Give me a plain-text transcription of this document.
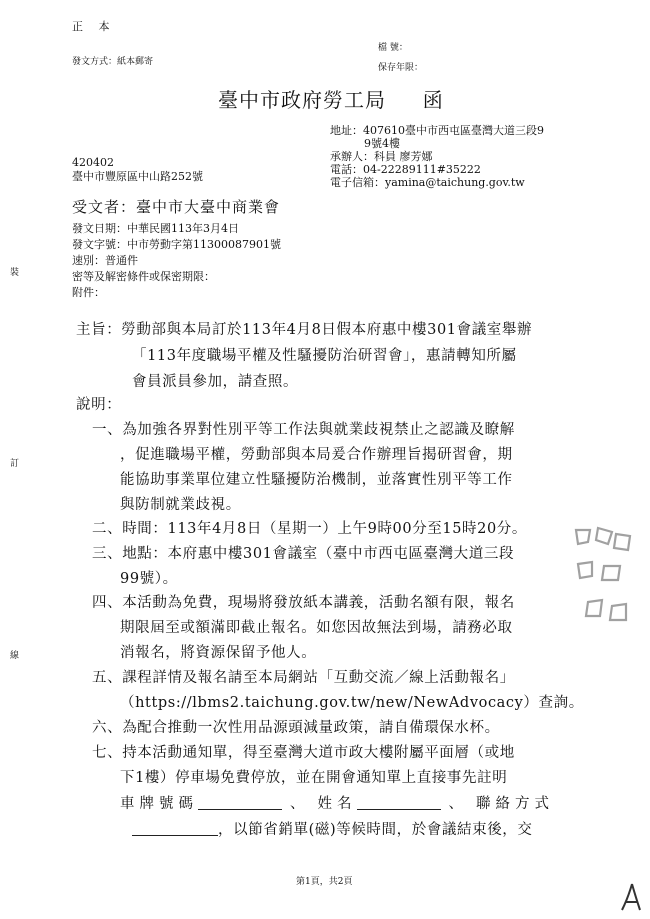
正 本
發文方式：紙本郵寄
檔 號：
保存年限：
臺中市政府勞工局 函
地址：407610臺中市西屯區臺灣大道三段9
9號4樓
承辦人：科員 廖芳娜
電話：04-22289111#35222
電子信箱：yamina@taichung.gov.tw
420402
臺中市豐原區中山路252號
受文者：臺中市大臺中商業會
發文日期：中華民國113年3月4日
發文字號：中市勞動字第11300087901號
速別：普通件
密等及解密條件或保密期限：
附件：
裝
訂
線
主旨：勞動部與本局訂於113年4月8日假本府惠中樓301會議室舉辦
「113年度職場平權及性騷擾防治研習會」，惠請轉知所屬
會員派員參加，請查照。
說明：
一、為加強各界對性別平等工作法與就業歧視禁止之認識及瞭解
，促進職場平權，勞動部與本局爰合作辦理旨揭研習會，期
能協助事業單位建立性騷擾防治機制，並落實性別平等工作
與防制就業歧視。
二、時間：113年4月8日（星期一）上午9時00分至15時20分。
三、地點：本府惠中樓301會議室（臺中市西屯區臺灣大道三段
99號）。
四、本活動為免費，現場將發放紙本講義，活動名額有限，報名
期限屆至或額滿即截止報名。如您因故無法到場，請務必取
消報名，將資源保留予他人。
五、課程詳情及報名請至本局網站「互動交流／線上活動報名」
（https://lbms2.taichung.gov.tw/new/NewAdvocacy）查詢。
六、為配合推動一次性用品源頭減量政策，請自備環保水杯。
七、持本活動通知單，得至臺灣大道市政大樓附屬平面層（或地
下1樓）停車場免費停放，並在開會通知單上直接事先註明
車牌號碼	、 姓名	、 聯絡方式
，以節省銷單(磁)等候時間，於會議結束後，交
第1頁，共2頁
